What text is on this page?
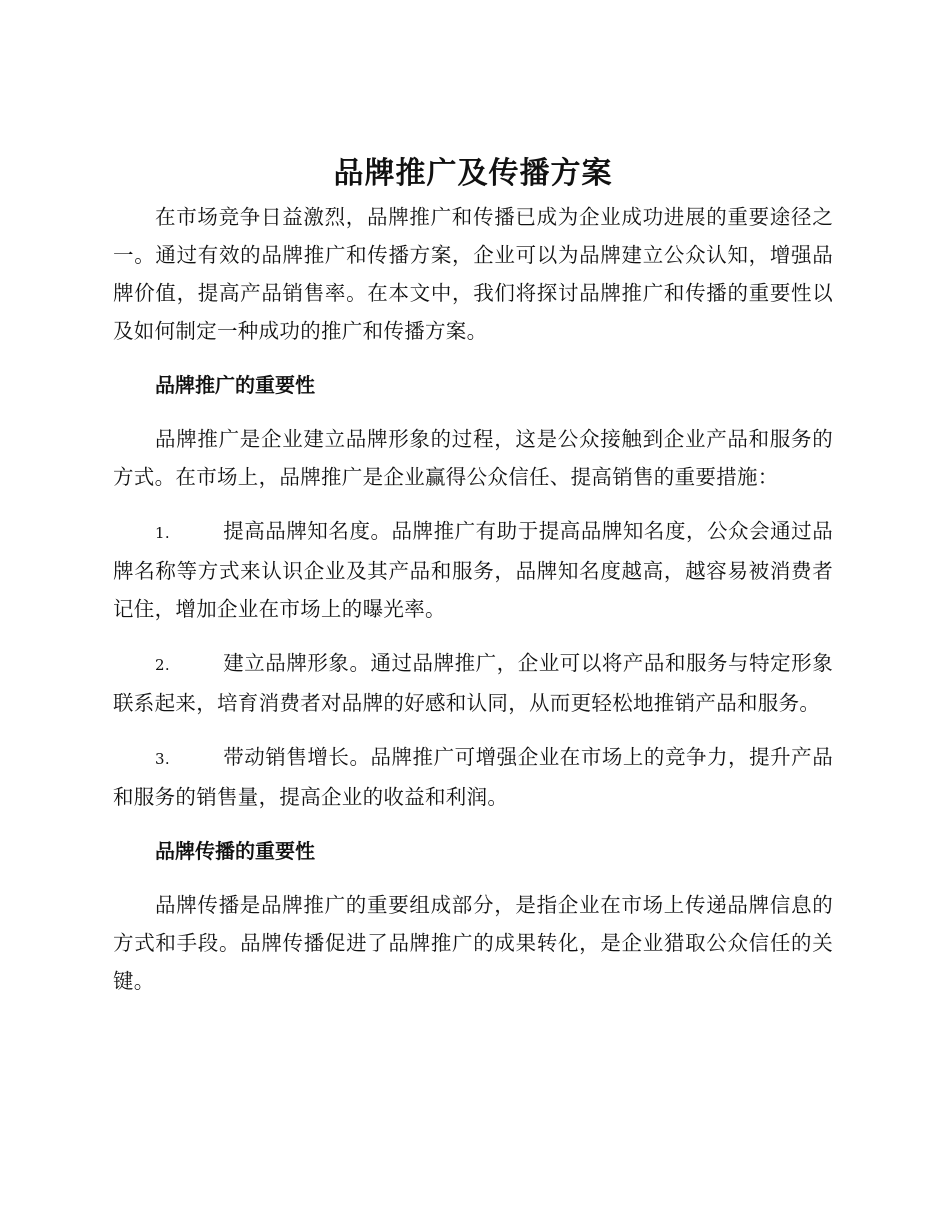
品牌推广及传播方案

在市场竞争日益激烈，品牌推广和传播已成为企业成功进展的重要途径之一。通过有效的品牌推广和传播方案，企业可以为品牌建立公众认知，增强品牌价值，提高产品销售率。在本文中，我们将探讨品牌推广和传播的重要性以及如何制定一种成功的推广和传播方案。

品牌推广的重要性

品牌推广是企业建立品牌形象的过程，这是公众接触到企业产品和服务的方式。在市场上，品牌推广是企业赢得公众信任、提高销售的重要措施：

1.	提高品牌知名度。品牌推广有助于提高品牌知名度，公众会通过品牌名称等方式来认识企业及其产品和服务，品牌知名度越高，越容易被消费者记住，增加企业在市场上的曝光率。

2.	建立品牌形象。通过品牌推广，企业可以将产品和服务与特定形象联系起来，培育消费者对品牌的好感和认同，从而更轻松地推销产品和服务。

3.	带动销售增长。品牌推广可增强企业在市场上的竞争力，提升产品和服务的销售量，提高企业的收益和利润。

品牌传播的重要性

品牌传播是品牌推广的重要组成部分，是指企业在市场上传递品牌信息的方式和手段。品牌传播促进了品牌推广的成果转化，是企业猎取公众信任的关键。
